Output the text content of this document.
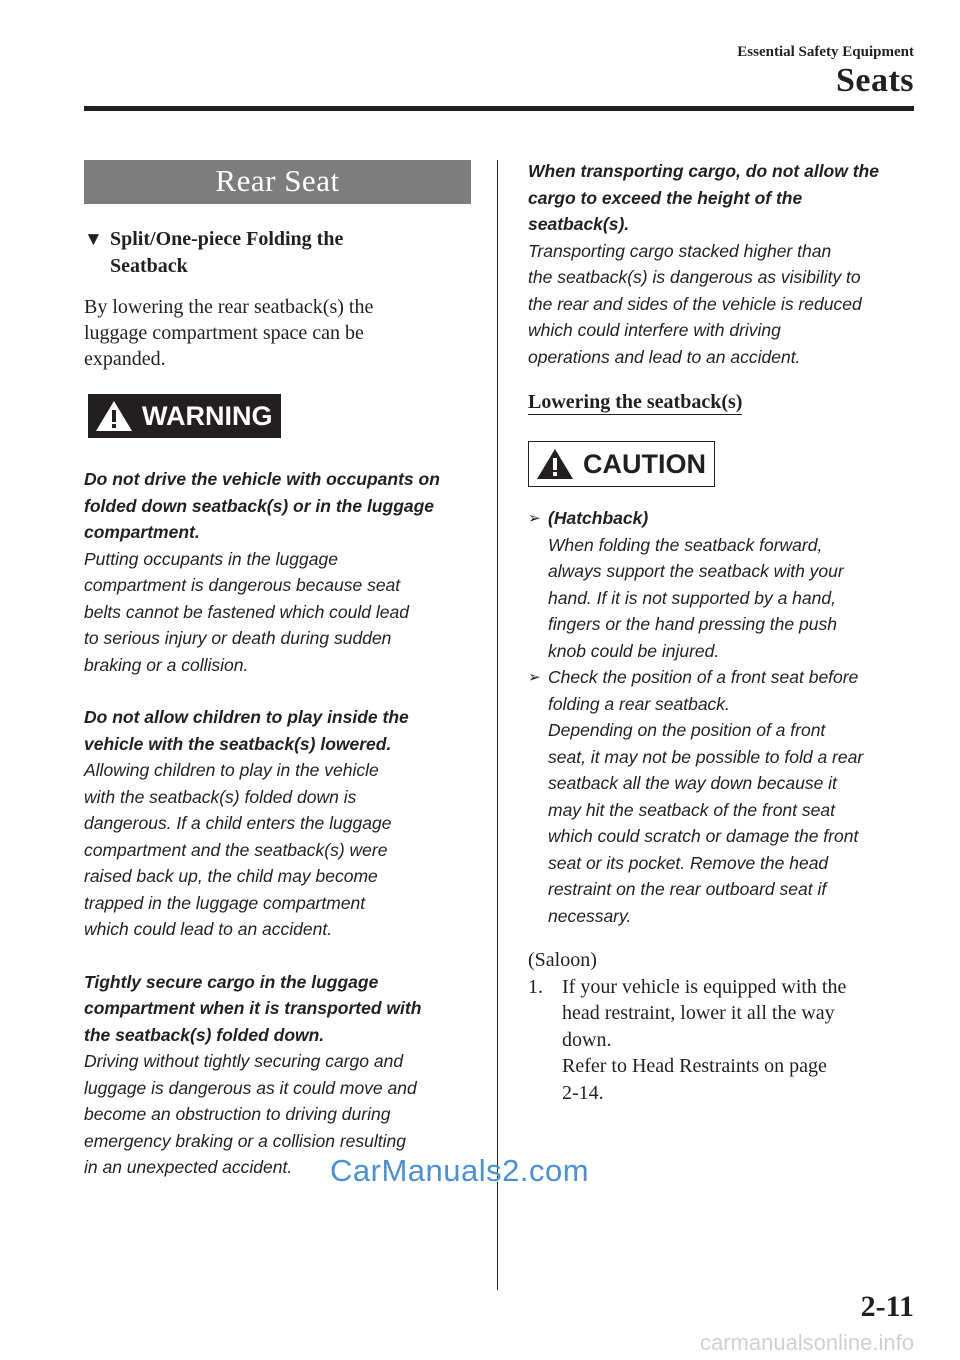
Essential Safety Equipment
Seats
Rear Seat
▼ Split/One-piece Folding the
Seatback
By lowering the rear seatback(s) the
luggage compartment space can be
expanded.
WARNING
Do not drive the vehicle with occupants on
folded down seatback(s) or in the luggage
compartment.
Putting occupants in the luggage
compartment is dangerous because seat
belts cannot be fastened which could lead
to serious injury or death during sudden
braking or a collision.
Do not allow children to play inside the
vehicle with the seatback(s) lowered.
Allowing children to play in the vehicle
with the seatback(s) folded down is
dangerous. If a child enters the luggage
compartment and the seatback(s) were
raised back up, the child may become
trapped in the luggage compartment
which could lead to an accident.
Tightly secure cargo in the luggage
compartment when it is transported with
the seatback(s) folded down.
Driving without tightly securing cargo and
luggage is dangerous as it could move and
become an obstruction to driving during
emergency braking or a collision resulting
in an unexpected accident.
When transporting cargo, do not allow the
cargo to exceed the height of the
seatback(s).
Transporting cargo stacked higher than
the seatback(s) is dangerous as visibility to
the rear and sides of the vehicle is reduced
which could interfere with driving
operations and lead to an accident.
Lowering the seatback(s)

CAUTION
➢ (Hatchback)
When folding the seatback forward,
always support the seatback with your
hand. If it is not supported by a hand,
fingers or the hand pressing the push
knob could be injured.
➢ Check the position of a front seat before
folding a rear seatback.
Depending on the position of a front
seat, it may not be possible to fold a rear
seatback all the way down because it
may hit the seatback of the front seat
which could scratch or damage the front
seat or its pocket. Remove the head
restraint on the rear outboard seat if
necessary.
(Saloon)
1. If your vehicle is equipped with the
head restraint, lower it all the way
down.
Refer to Head Restraints on page
2-14.
CarManuals2.com
2-11
carmanualsonline.info
